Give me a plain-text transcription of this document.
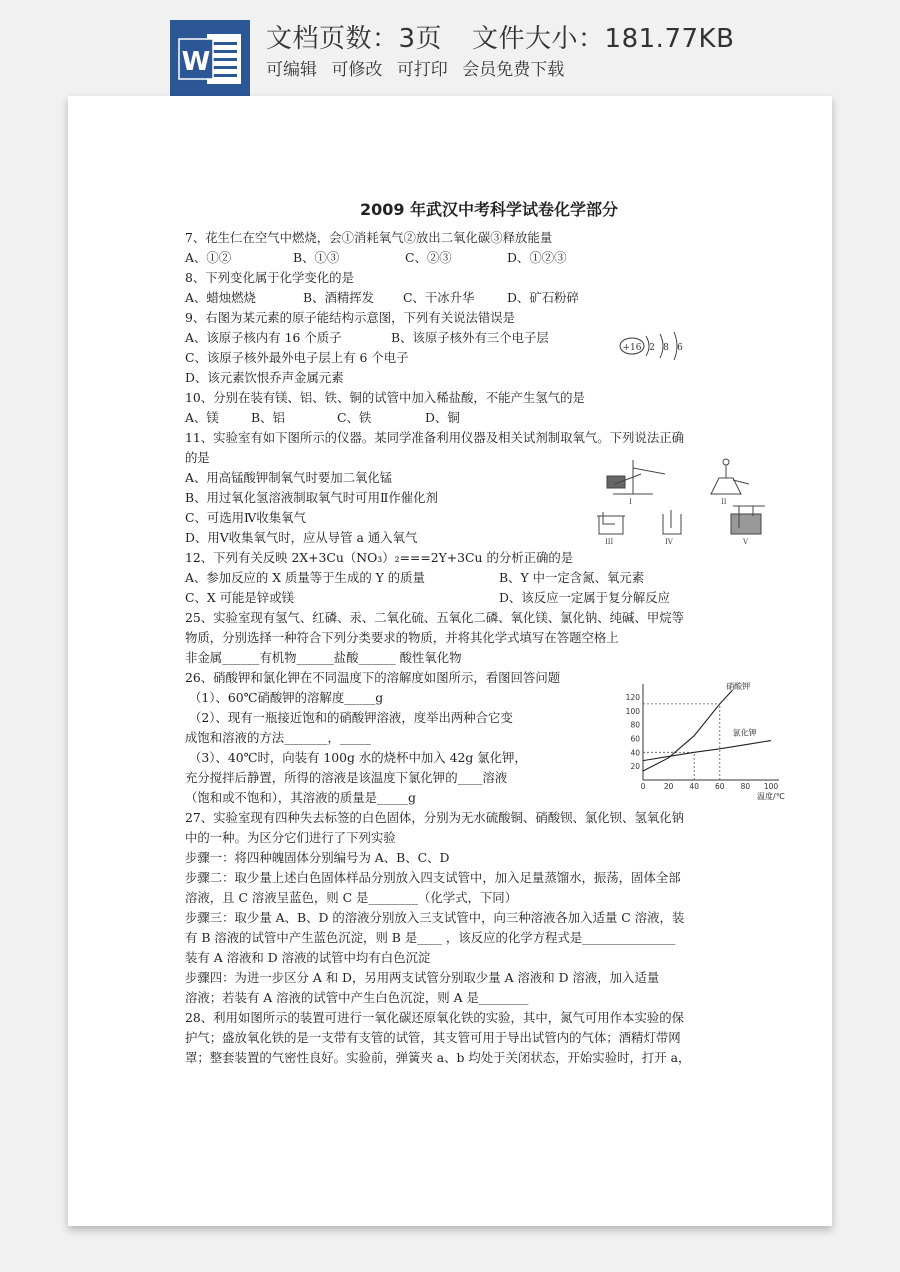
W
文档页数：3页 文件大小：181.77KB
可编辑 可修改 可打印 会员免费下载
2009 年武汉中考科学试卷化学部分
7、花生仁在空气中燃烧，会①消耗氧气②放出二氧化碳③释放能量
A、①②	B、①③	C、②③	D、①②③
8、下列变化属于化学变化的是
A、蜡烛燃烧	B、酒精挥发 C、干冰升华	D、矿石粉碎
9、右图为某元素的原子能结构示意图，下列有关说法错误是
A、该原子核内有 16 个质子	B、该原子核外有三个电子层
C、该原子核外最外电子层上有 6 个电子
D、该元素饮恨乔声金属元素
+16 2 8 6
10、分别在装有镁、铝、铁、铜的试管中加入稀盐酸，不能产生氢气的是
A、镁	B、铝	C、铁	D、铜
11、实验室有如下图所示的仪器。某同学准备利用仪器及相关试剂制取氧气。下列说法正确
的是
A、用高锰酸钾制氧气时要加二氧化锰
B、用过氧化氢溶液制取氧气时可用Ⅱ作催化剂
C、可选用Ⅳ收集氧气
D、用Ⅴ收集氧气时，应从导管 a 通入氧气
I	II
III	IV	V
12、下列有关反映 2X+3Cu（NO₃）₂===2Y+3Cu 的分析正确的是
A、参加反应的 X 质量等于生成的 Y 的质量	B、Y 中一定含氮、氧元素
C、X 可能是锌或镁	D、该反应一定属于复分解反应
25、实验室现有氢气、红磷、汞、二氧化硫、五氧化二磷、氧化镁、氯化钠、纯碱、甲烷等
物质，分别选择一种符合下列分类要求的物质，并将其化学式填写在答题空格上
非金属______有机物______盐酸______ 酸性氧化物
26、硝酸钾和氯化钾在不同温度下的溶解度如图所示，看图回答问题
（1）、60℃硝酸钾的溶解度_____g
（2）、现有一瓶接近饱和的硝酸钾溶液，度举出两种合它变
成饱和溶液的方法_______，_____
（3）、40℃时，向装有 100g 水的烧杯中加入 42g 氯化钾，
充分搅拌后静置，所得的溶液是该温度下氯化钾的____溶液
（饱和或不饱和），其溶液的质量是_____g
0 20 40 60 80 100
20
40
60
80
100
120
硝酸钾
氯化钾
温度/℃
27、实验室现有四种失去标签的白色固体，分别为无水硫酸铜、硝酸钡、氯化钡、氢氧化钠
中的一种。为区分它们进行了下列实验
步骤一：将四种魄固体分别编号为 A、B、C、D
步骤二：取少量上述白色固体样品分别放入四支试管中，加入足量蒸馏水，振荡，固体全部
溶液，且 C 溶液呈蓝色，则 C 是________（化学式，下同）
步骤三：取少量 A、B、D 的溶液分别放入三支试管中，向三种溶液各加入适量 C 溶液，装
有 B 溶液的试管中产生蓝色沉淀，则 B 是____ ，该反应的化学方程式是_______________
装有 A 溶液和 D 溶液的试管中均有白色沉淀
步骤四：为进一步区分 A 和 D，另用两支试管分别取少量 A 溶液和 D 溶液，加入适量
溶液；若装有 A 溶液的试管中产生白色沉淀，则 A 是________
28、利用如图所示的装置可进行一氧化碳还原氧化铁的实验，其中，氮气可用作本实验的保
护气；盛放氧化铁的是一支带有支管的试管，其支管可用于导出试管内的气体；酒精灯带网
罩；整套装置的气密性良好。实验前，弹簧夹 a、b 均处于关闭状态，开始实验时，打开 a，
